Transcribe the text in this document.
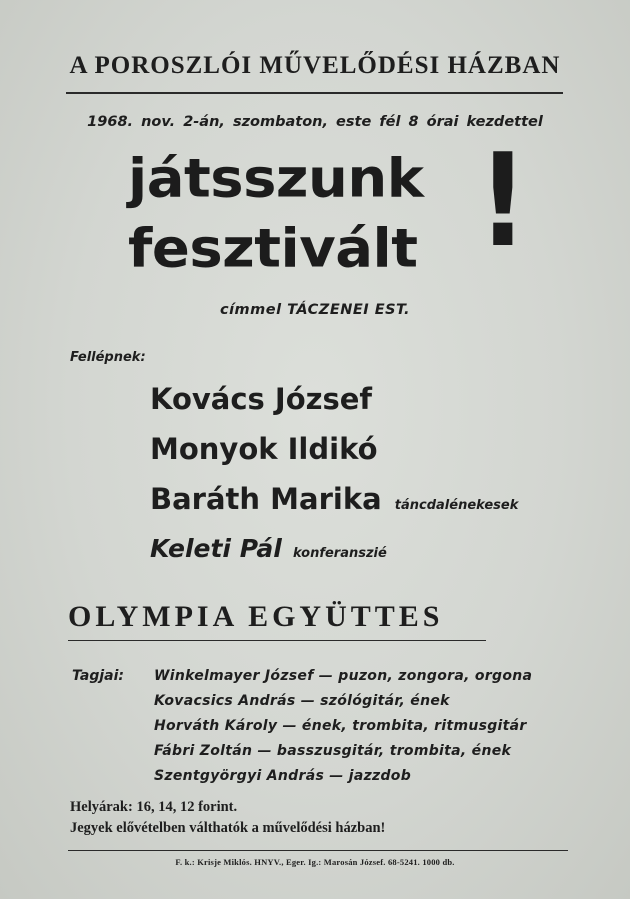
A POROSZLÓI MŰVELŐDÉSI HÁZBAN
1968. nov. 2-án, szombaton, este fél 8 órai kezdettel
játsszunk
fesztivált !
címmel TÁCZENEI EST.
Fellépnek:
Kovács József
Monyok Ildikó
Baráth Marika táncdalénekesek
Keleti Pál konferanszié
OLYMPIA EGYÜTTES
Tagjai: Winkelmayer József — puzon, zongora, orgona
Kovacsics András — szólógitár, ének
Horváth Károly — ének, trombita, ritmusgitár
Fábri Zoltán — basszusgitár, trombita, ének
Szentgyörgyi András — jazzdob
Helyárak: 16, 14, 12 forint.
Jegyek elővételben válthatók a művelődési házban!
F. k.: Krisje Miklós. HNYV., Eger. Ig.: Marosán József. 68-5241. 1000 db.
